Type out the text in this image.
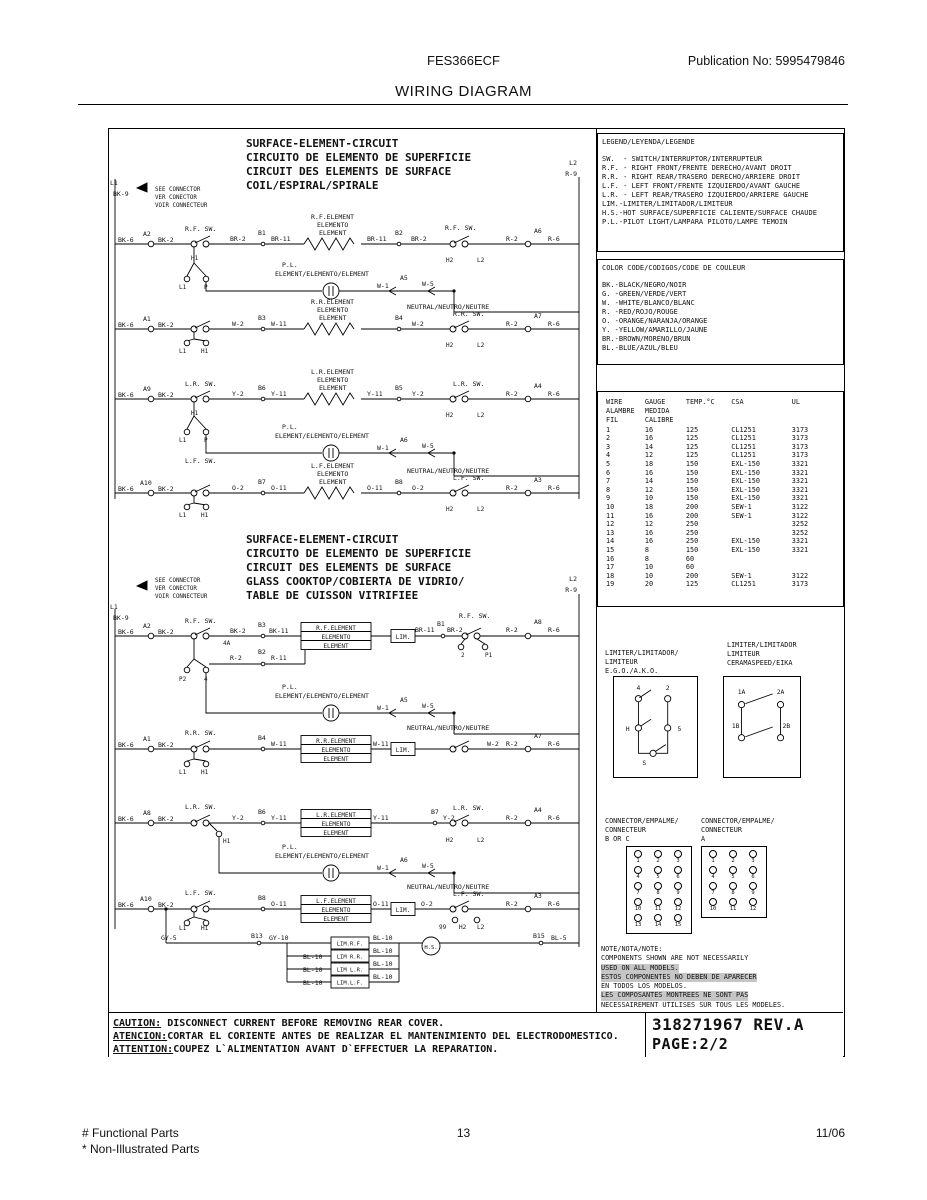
FES366ECF	Publication No: 5995479846
WIRING DIAGRAM
L1
BK-9	SEE CONNECTOR
VER CONECTOR
VOIR CONNECTEUR
L2
R-9
SURFACE-ELEMENT-CIRCUIT
CIRCUITO DE ELEMENTO DE SUPERFICIE
CIRCUIT DES ELEMENTS DE SURFACE
COIL/ESPIRAL/SPIRALE
A2
BK-6	BK-2
R.F. SW.
BR-2
B1
BR-11
R.F.ELEMENT
ELEMENTO
ELEMENT
BR-11
B2
BR-2
R.F. SW.
H2	L2
R-2
A6
R-6
H1
L1	P
P.L.
ELEMENT/ELEMENTO/ELEMENT
W-1
A5
W-5
R.R.ELEMENT
ELEMENTO
ELEMENT
NEUTRAL/NEUTRO/NEUTRE
R.R. SW.
A1
BK-6	BK-2	W-2
B3
W-11
B4
W-2
H2	L2
R-2
A7
R-6
L1 H1
L.R. SW.
L.R.ELEMENT
ELEMENTO
ELEMENT	L.R. SW.
A9
BK-6	BK-2	Y-2
B6
Y-11	Y-11
B5
Y-2
H2	L2
R-2
A4
R-6
H1
L1	P
P.L.
ELEMENT/ELEMENTO/ELEMENT
W-1
A6
W-5
L.F. SW.
NEUTRAL/NEUTRO/NEUTRE
L.F.ELEMENT
ELEMENTO
ELEMENT	L.F. SW.
A10
BK-6	BK-2	O-2
B7
O-11	O-11
B8
O-2
H2	L2
R-2
A3
R-6
L1 H1
SURFACE-ELEMENT-CIRCUIT
CIRCUITO DE ELEMENTO DE SUPERFICIE
CIRCUIT DES ELEMENTS DE SURFACE
GLASS COOKTOP/COBIERTA DE VIDRIO/
TABLE DE CUISSON VITRIFIEE
SEE CONNECTOR
VER CONECTOR
VOIR CONNECTEUR
L1
BK-9
L2
R-9
R.F. SW.
A2
BK-6	BK-2	BK-2
B3
BK-11
4A
R.F.ELEMENT
ELEMENTO
ELEMENT
LIM.
BR-11
B1
BR-2
R.F. SW.
2	P1
R-2
A8
R-6
P2	4
R-2
B2
R-11
P.L.
ELEMENT/ELEMENTO/ELEMENT
W-1
A5
W-5
NEUTRAL/NEUTRO/NEUTRE
R.R. SW.
A1
BK-6	BK-2
B4
W-11	R.R.ELEMENT
ELEMENTO
ELEMENT
W-11
LIM.
W-2 R-2
A7
R-6
L1 H1
L.R. SW.
A8
BK-6	BK-2	Y-2
B6
Y-11	L.R.ELEMENT
ELEMENTO
ELEMENT
Y-11
B7
Y-2
L.R. SW.
H2	L2
H1
R-2
A4
R-6
P.L.
ELEMENT/ELEMENTO/ELEMENT
W-1
A6
W-5
L.F. SW.
NEUTRAL/NEUTRO/NEUTRE
A10
BK-6	BK-2
B8
O-11	L.F.ELEMENT
ELEMENTO
ELEMENT
O-11
LIM.
O-2
L.F. SW.
99 H2 L2
R-2
A3
R-6
L1 H1
GY-5	B13 GY-10
LIM.R.F.
BL-10
BL-10	LIM R.R.
BL-10
BL-10	LIM L.R.
BL-10
BL-10	LIM.L.F.
BL-10
H.S.
B15 BL-5
LEGEND/LEYENDA/LEGENDE
SW.  - SWITCH/INTERRUPTOR/INTERRUPTEUR
R.F. - RIGHT FRONT/FRENTE DERECHO/AVANT DROIT
R.R. - RIGHT REAR/TRASERO DERECHO/ARRIERE DROIT
L.F. - LEFT FRONT/FRENTE IZQUIERDO/AVANT GAUCHE
L.R. - LEFT REAR/TRASERO IZQUIERDO/ARRIERE GAUCHE
LIM.-LIMITER/LIMITADOR/LIMITEUR
H.S.-HOT SURFACE/SUPERFICIE CALIENTE/SURFACE CHAUDE
P.L.-PILOT LIGHT/LAMPARA PILOTO/LAMPE TEMOIN
COLOR CODE/CODIGOS/CODE DE COULEUR
BK.-BLACK/NEGRO/NOIR
G. -GREEN/VERDE/VERT
W. -WHITE/BLANCO/BLANC
R. -RED/ROJO/ROUGE
O. -ORANGE/NARANJA/ORANGE
Y. -YELLOW/AMARILLO/JAUNE
BR.-BROWN/MORENO/BRUN
BL.-BLUE/AZUL/BLEU
WIRE	GAUGE	TEMP.°C	CSA	UL
ALAMBRE	MEDIDA			
FIL	CALIBRE			
1	16	125	CL1251	3173
2	16	125	CL1251	3173
3	14	125	CL1251	3173
4	12	125	CL1251	3173
5	18	150	EXL-150	3321
6	16	150	EXL-150	3321
7	14	150	EXL-150	3321
8	12	150	EXL-150	3321
9	10	150	EXL-150	3321
10	18	200	SEW-1	3122
11	16	200	SEW-1	3122
12	12	250		3252
13	16	250		3252
14	16	250	EXL-150	3321
15	8	150	EXL-150	3321
16	8	60		
17	10	60		
18	10	200	SEW-1	3122
19	20	125	CL1251	3173
LIMITER/LIMITADOR/
LIMITEUR
E.G.O./A.K.O.
LIMITER/LIMITADOR
LIMITEUR
CERAMASPEED/EIKA
4	2
H	5
S
1A	2A
1B	2B
CONNECTOR/EMPALME/
CONNECTEUR
B OR C
CONNECTOR/EMPALME/
CONNECTEUR
A
1	2	3
4	5	6
7	8	9
10 11 12
13 14 15
1	2	3
4	5	6
7	8	9
10 11 12
NOTE/NOTA/NOTE:
COMPONENTS SHOWN ARE NOT NECESSARILY
USED ON ALL MODELS.
ESTOS COMPONENTES NO DEBEN DE APARECER
EN TODOS LOS MODELOS.
LES COMPOSANTES MONTREES NE SONT PAS
NECESSAIREMENT UTILISES SUR TOUS LES MODELES.
CAUTION: DISCONNECT CURRENT BEFORE REMOVING REAR COVER.
ATENCION:CORTAR EL CORIENTE ANTES DE REALIZAR EL MANTENIMIENTO DEL ELECTRODOMESTICO.
ATTENTION:COUPEZ L`ALIMENTATION AVANT D`EFFECTUER LA REPARATION.
318271967 REV.A
PAGE:2/2
# Functional Parts
* Non-Illustrated Parts
13	11/06
